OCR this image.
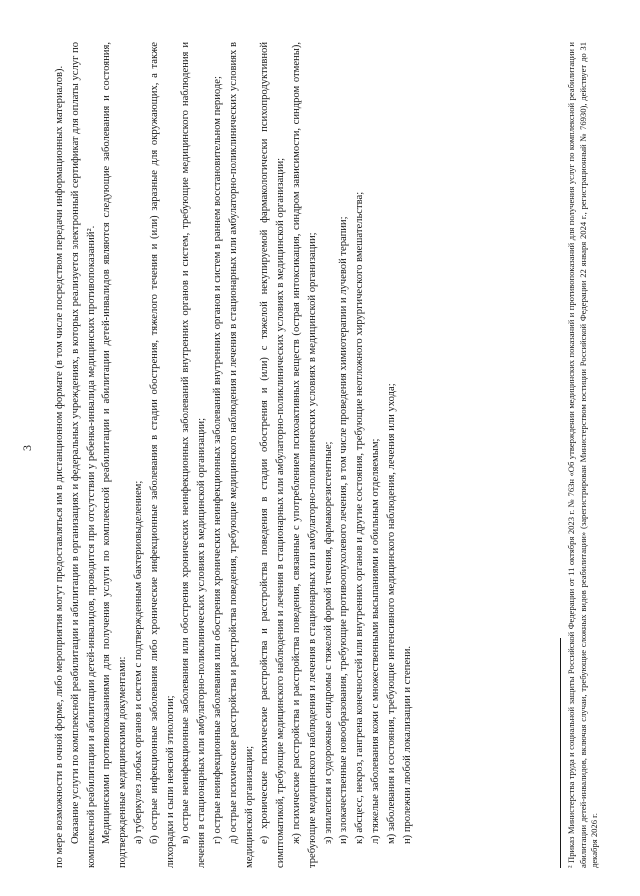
3 по мере возможности в очной форме, либо мероприятия могут предоставляться им в дистанционном формате (в том числе посредством передачи информационных материалов). Оказание услуги по комплексной реабилитации и абилитации в организациях и федеральных учреждениях, в которых реализуется электронный сертификат для оплаты услуг по комплексной реабилитации и абилитации детей-инвалидов, проводится при отсутствии у ребенка-инвалида медицинских противопоказаний². Медицинскими противопоказаниями для получения услуги по комплексной реабилитации и абилитации детей-инвалидов являются следующие заболевания и состояния, подтвержденные медицинскими документами: а) туберкулез любых органов и систем с подтвержденным бактериовыделением; б) острые инфекционные заболевания либо хронические инфекционные заболевания в стадии обострения, тяжелого течения и (или) заразные для окружающих, а также лихорадки и сыпи неясной этиологии; в) острые неинфекционные заболевания или обострения хронических неинфекционных заболеваний внутренних органов и систем, требующие медицинского наблюдения и лечения в стационарных или амбулаторно-поликлинических условиях в медицинской организации; г) острые неинфекционные заболевания или обострения хронических неинфекционных заболеваний внутренних органов и систем в раннем восстановительном периоде; д) острые психические расстройства и расстройства поведения, требующие медицинского наблюдения и лечения в стационарных или амбулаторно-поликлинических условиях в медицинской организации; е) хронические психические расстройства и расстройства поведения в стадии обострения и (или) с тяжелой некупируемой фармакологически психопродуктивной симптоматикой, требующие медицинского наблюдения и лечения в стационарных или амбулаторно-поликлинических условиях в медицинской организации; ж) психические расстройства и расстройства поведения, связанные с употреблением психоактивных веществ (острая интоксикация, синдром зависимости, синдром отмены), требующие медицинского наблюдения и лечения в стационарных или амбулаторно-поликлинических условиях в медицинской организации; з) эпилепсия и судорожные синдромы с тяжелой формой течения, фармакорезистентные; и) злокачественные новообразования, требующие противоопухолевого лечения, в том числе проведения химиотерапии и лучевой терапии; к) абсцесс, некроз, гангрена конечностей или внутренних органов и другие состояния, требующие неотложного хирургического вмешательства; л) тяжелые заболевания кожи с множественными высыпаниями и обильным отделяемым; м) заболевания и состояния, требующие интенсивного медицинского наблюдения, лечения или ухода; н) пролежни любой локализации и степени.	² Приказ Министерства труда и социальной защиты Российской Федерации от 11 октября 2023 г. № 763н «Об утверждении медицинских показаний и противопоказаний для получения услуг по комплексной реабилитации и абилитации детей-инвалидов, включая случаи, требующие сложных видов реабилитации» (зарегистрирован Министерством юстиции Российской Федерации 22 января 2024 г., регистрационный № 76930), действует до 31 декабря 2026 г.
